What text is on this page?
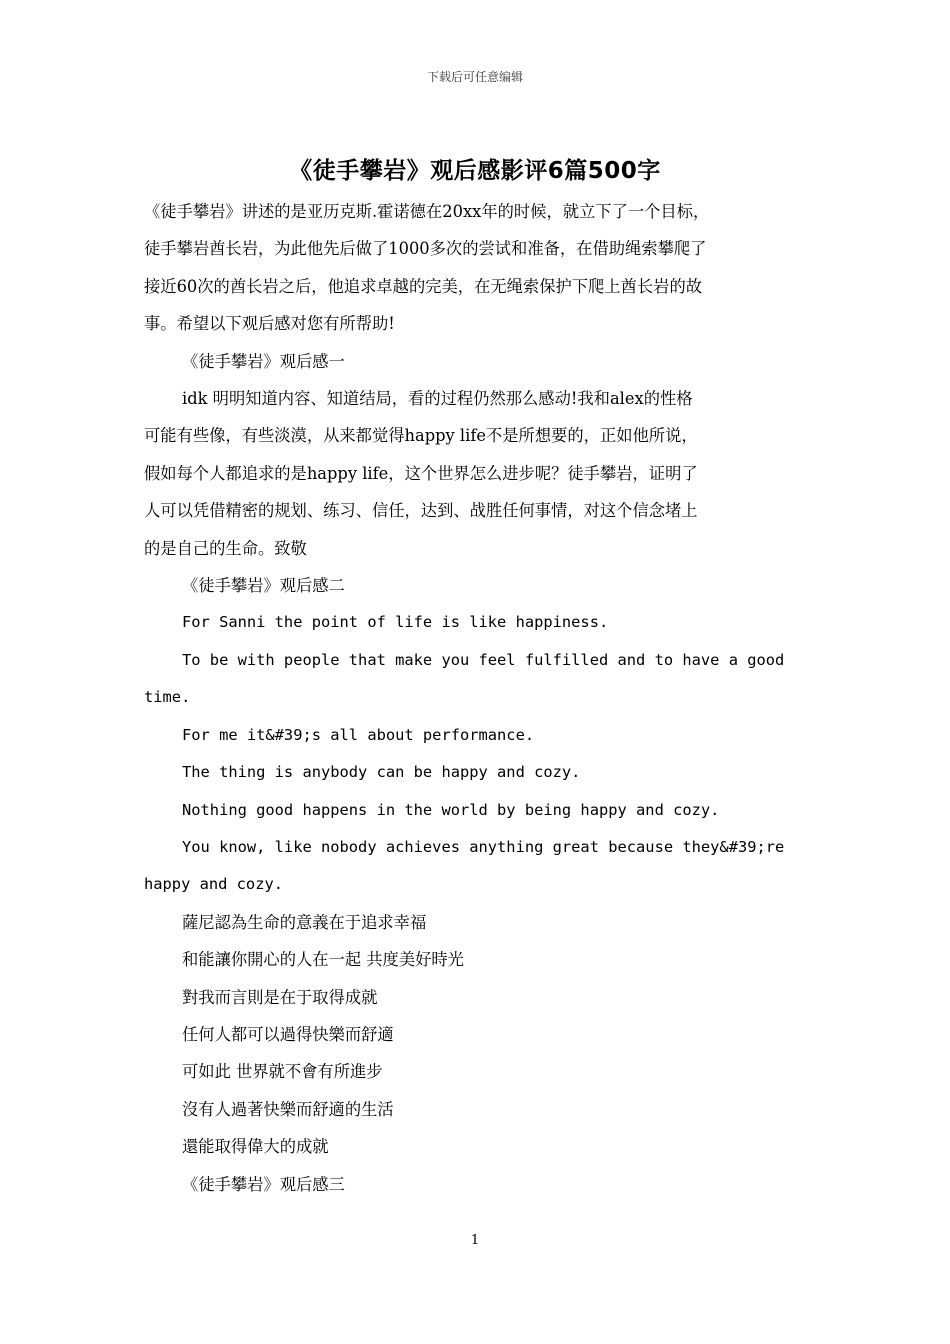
下载后可任意编辑
《徒手攀岩》观后感影评6篇500字

《徒手攀岩》讲述的是亚历克斯.霍诺德在20xx年的时候，就立下了一个目标，

徒手攀岩酋长岩，为此他先后做了1000多次的尝试和准备，在借助绳索攀爬了

接近60次的酋长岩之后，他追求卓越的完美，在无绳索保护下爬上酋长岩的故

事。希望以下观后感对您有所帮助!

《徒手攀岩》观后感一

idk 明明知道内容、知道结局，看的过程仍然那么感动!我和alex的性格

可能有些像，有些淡漠，从来都觉得happy life不是所想要的，正如他所说，

假如每个人都追求的是happy life，这个世界怎么进步呢？徒手攀岩，证明了

人可以凭借精密的规划、练习、信任，达到、战胜任何事情，对这个信念堵上

的是自己的生命。致敬

《徒手攀岩》观后感二

For Sanni the point of life is like happiness.

To be with people that make you feel fulfilled and to have a good

time.

For me it&#39;s all about performance.

The thing is anybody can be happy and cozy.

Nothing good happens in the world by being happy and cozy.

You know, like nobody achieves anything great because they&#39;re

happy and cozy.

薩尼認為生命的意義在于追求幸福

和能讓你開心的人在一起 共度美好時光

對我而言則是在于取得成就

任何人都可以過得快樂而舒適

可如此 世界就不會有所進步

沒有人過著快樂而舒適的生活

還能取得偉大的成就

《徒手攀岩》观后感三

1
